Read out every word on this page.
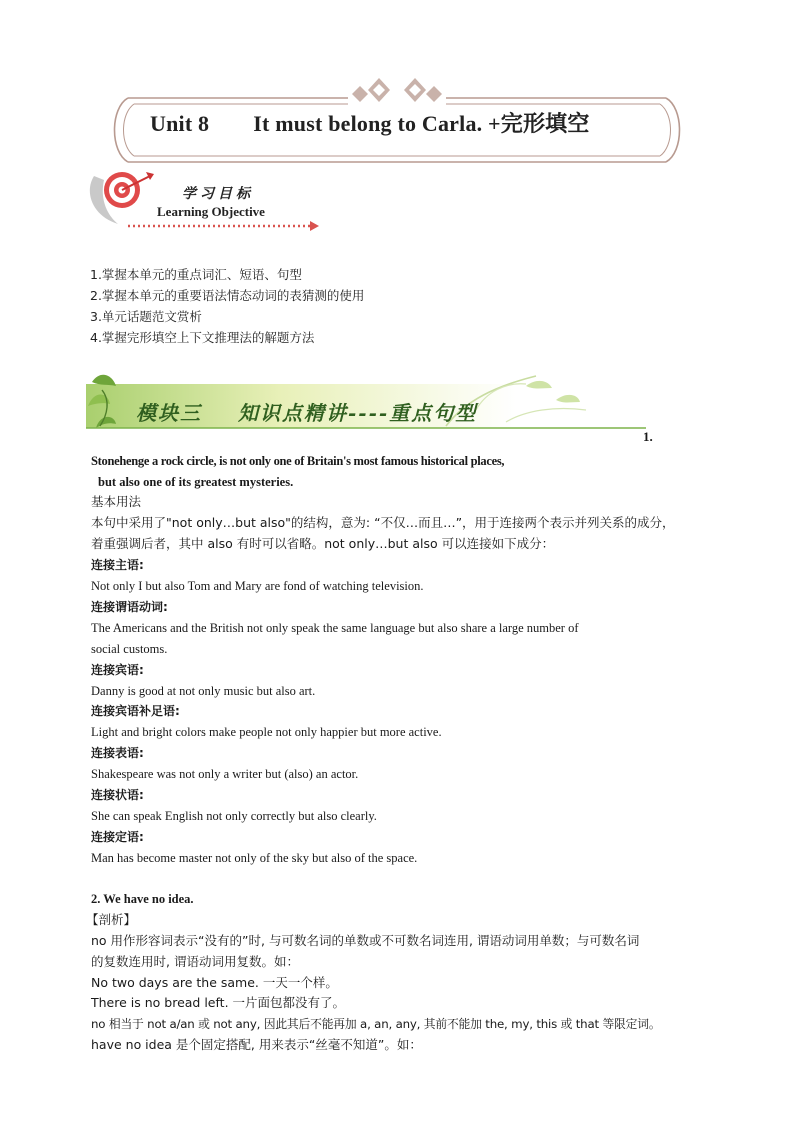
Unit 8 It must belong to Carla. +完形填空
学习目标
Learning Objective
1.掌握本单元的重点词汇、短语、句型
2.掌握本单元的重要语法情态动词的表猜测的使用
3.单元话题范文赏析
4.掌握完形填空上下文推理法的解题方法
模块三 知识点精讲----重点句型
1.
Stonehenge a rock circle, is not only one of Britain's most famous historical places,
but also one of its greatest mysteries.
基本用法
本句中采用了"not only…but also"的结构，意为: “不仅…而且…”，用于连接两个表示并列关系的成分，
着重强调后者，其中 also 有时可以省略。not only…but also 可以连接如下成分：
连接主语:
Not only I but also Tom and Mary are fond of watching television.
连接谓语动词:
The Americans and the British not only speak the same language but also share a large number of
social customs.
连接宾语:
Danny is good at not only music but also art.
连接宾语补足语:
Light and bright colors make people not only happier but more active.
连接表语:
Shakespeare was not only a writer but (also) an actor.
连接状语:
She can speak English not only correctly but also clearly.
连接定语:
Man has become master not only of the sky but also of the space.
2. We have no idea.
【剖析】
no 用作形容词表示“没有的”时, 与可数名词的单数或不可数名词连用, 谓语动词用单数；与可数名词
的复数连用时, 谓语动词用复数。如：
No two days are the same. 一天一个样。
There is no bread left. 一片面包都没有了。
no 相当于 not a/an 或 not any, 因此其后不能再加 a, an, any, 其前不能加 the, my, this 或 that 等限定词。
have no idea 是个固定搭配, 用来表示“丝毫不知道”。如：
